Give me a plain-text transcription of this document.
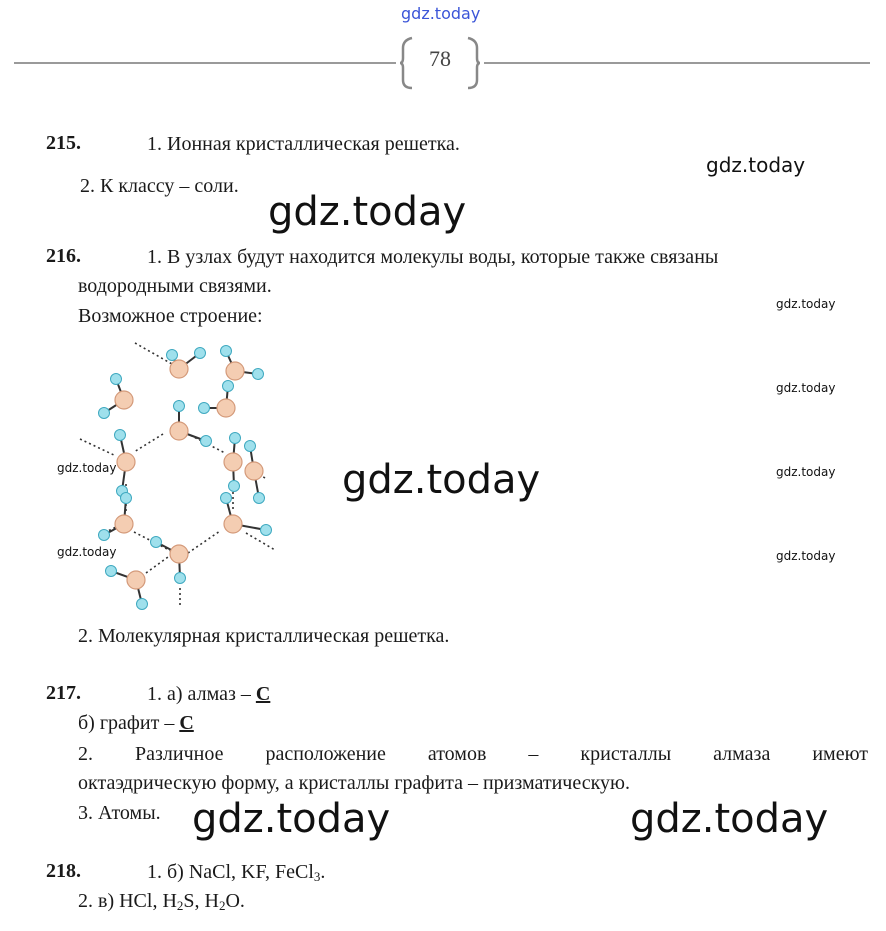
gdz.today
78
215.	1. Ионная кристаллическая решетка.
2. К классу – соли.
gdz.today
gdz.today
216.	1. В узлах будут находится молекулы воды, которые также связаны
водородными связями.
Возможное строение:
gdz.today
gdz.today
gdz.today
gdz.today
gdz.today
gdz.today
gdz.today
2. Молекулярная кристаллическая решетка.
217.	1. а) алмаз – С
б) графит – С
2. Различное расположение атомов – кристаллы алмаза имеют
октаэдрическую форму, а кристаллы графита – призматическую.
3. Атомы. gdz.today	gdz.today
218.	1. б) NaCl, KF, FeCl$_3$.
2. в) HCl, $H_2S$, $H_2O$.
